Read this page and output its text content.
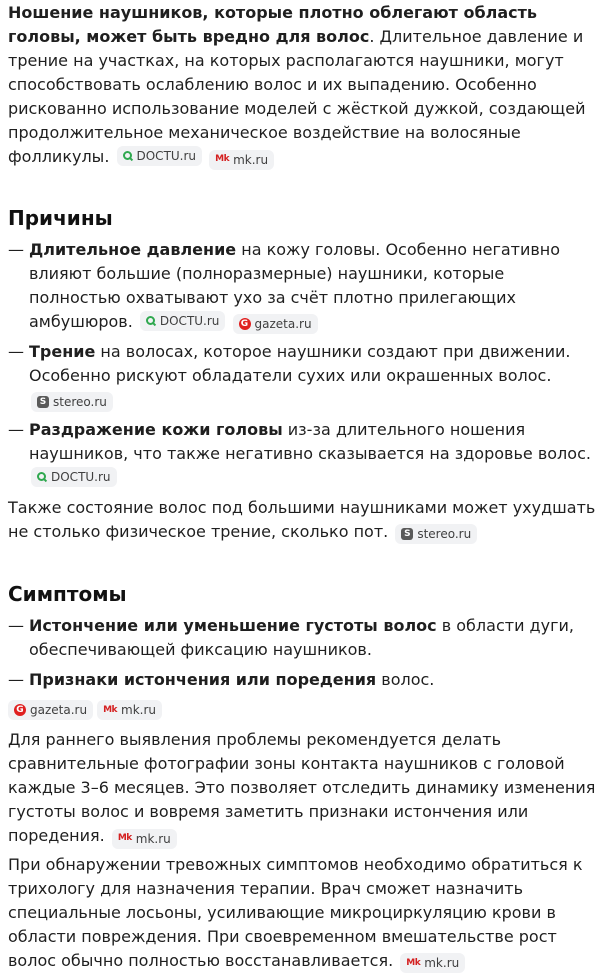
Ношение наушников, которые плотно облегают область головы, может быть вредно для волос. Длительное давление и трение на участках, на которых располагаются наушники, могут способствовать ослаблению волос и их выпадению. Особенно рискованно использование моделей с жёсткой дужкой, создающей продолжительное механическое воздействие на волосяные фолликулы. DOCTU.ru
Mk mk.ru

Причины
— Длительное давление на кожу головы. Особенно негативно влияют большие (полноразмерные) наушники, которые полностью охватывают ухо за счёт плотно прилегающих амбушюров. DOCTU.ru
G gazeta.ru
— Трение на волосах, которое наушники создают при движении. Особенно рискуют обладатели сухих или окрашенных волос.
S stereo.ru
— Раздражение кожи головы из-за длительного ношения наушников, что также негативно сказывается на здоровье волос.
DOCTU.ru

Также состояние волос под большими наушниками может ухудшать не столько физическое трение, сколько пот.	S stereo.ru

Симптомы
— Истончение или уменьшение густоты волос в области дуги, обеспечивающей фиксацию наушников.
— Признаки истончения или поредения волос.
G gazeta.ru Mk mk.ru

Для раннего выявления проблемы рекомендуется делать сравнительные фотографии зоны контакта наушников с головой каждые 3–6 месяцев. Это позволяет отследить динамику изменения густоты волос и вовремя заметить признаки истончения или поредения. Mk mk.ru

При обнаружении тревожных симптомов необходимо обратиться к трихологу для назначения терапии. Врач сможет назначить специальные лосьоны, усиливающие микроциркуляцию крови в области повреждения. При своевременном вмешательстве рост волос обычно полностью восстанавливается. Mk mk.ru
